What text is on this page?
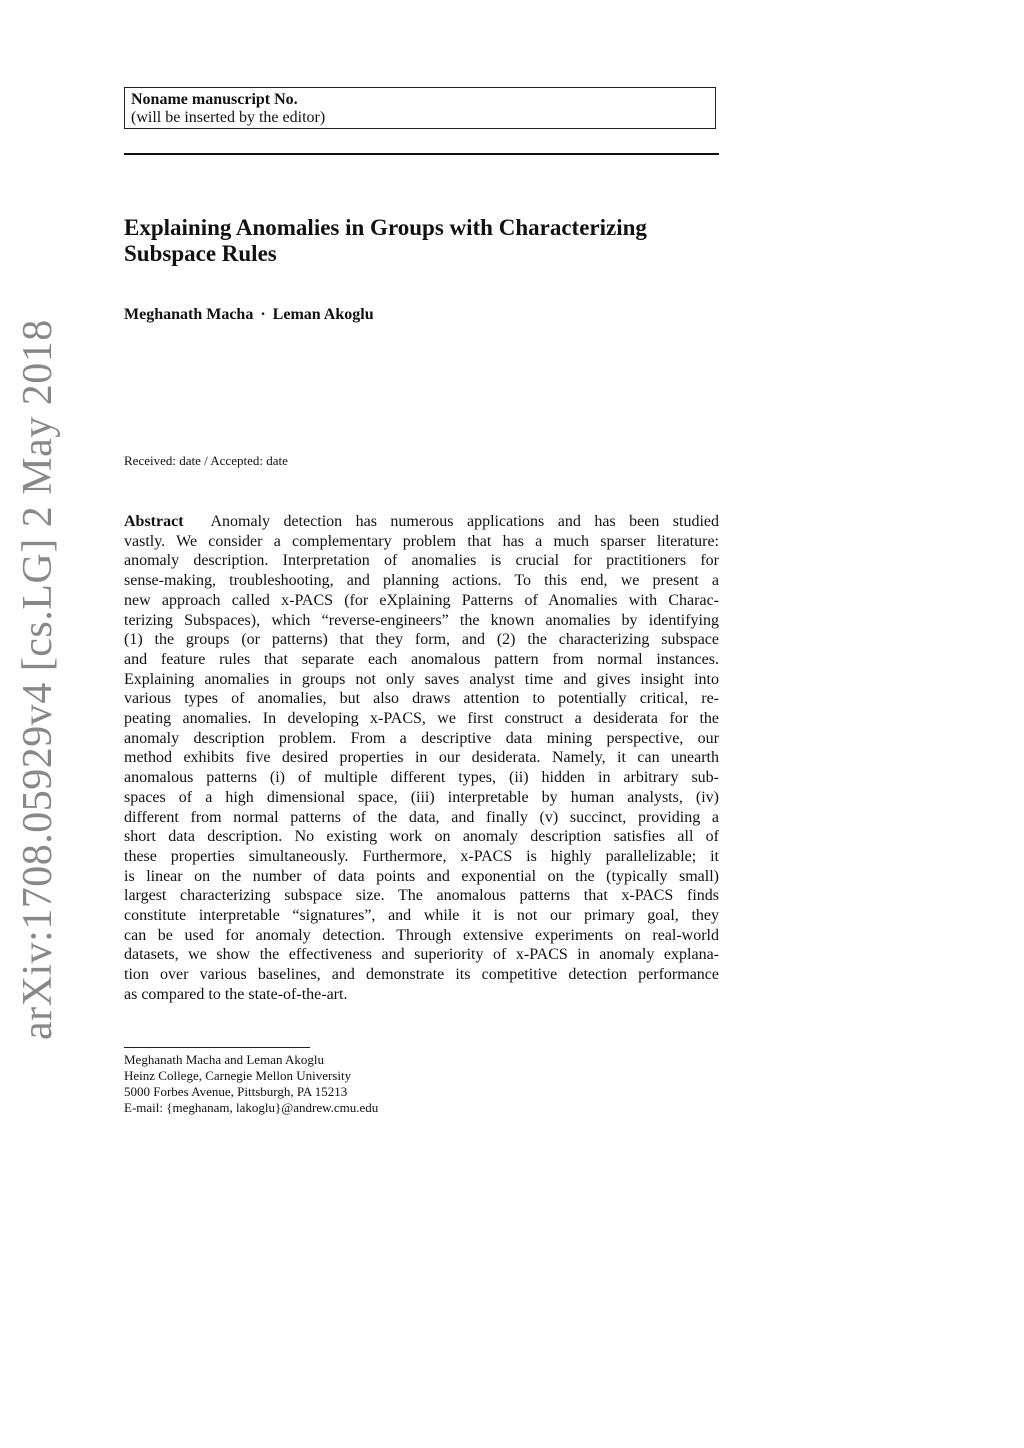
Noname manuscript No.
(will be inserted by the editor)
Explaining Anomalies in Groups with Characterizing
Subspace Rules
Meghanath Macha · Leman Akoglu
Received: date / Accepted: date
Abstract Anomaly detection has numerous applications and has been studied
vastly. We consider a complementary problem that has a much sparser literature:
anomaly description. Interpretation of anomalies is crucial for practitioners for
sense-making, troubleshooting, and planning actions. To this end, we present a
new approach called x-PACS (for eXplaining Patterns of Anomalies with Charac-
terizing Subspaces), which “reverse-engineers” the known anomalies by identifying
(1) the groups (or patterns) that they form, and (2) the characterizing subspace
and feature rules that separate each anomalous pattern from normal instances.
Explaining anomalies in groups not only saves analyst time and gives insight into
various types of anomalies, but also draws attention to potentially critical, re-
peating anomalies. In developing x-PACS, we first construct a desiderata for the
anomaly description problem. From a descriptive data mining perspective, our
method exhibits five desired properties in our desiderata. Namely, it can unearth
anomalous patterns (i) of multiple different types, (ii) hidden in arbitrary sub-
spaces of a high dimensional space, (iii) interpretable by human analysts, (iv)
different from normal patterns of the data, and finally (v) succinct, providing a
short data description. No existing work on anomaly description satisfies all of
these properties simultaneously. Furthermore, x-PACS is highly parallelizable; it
is linear on the number of data points and exponential on the (typically small)
largest characterizing subspace size. The anomalous patterns that x-PACS finds
constitute interpretable “signatures”, and while it is not our primary goal, they
can be used for anomaly detection. Through extensive experiments on real-world
datasets, we show the effectiveness and superiority of x-PACS in anomaly explana-
tion over various baselines, and demonstrate its competitive detection performance
as compared to the state-of-the-art.
Meghanath Macha and Leman Akoglu
Heinz College, Carnegie Mellon University
5000 Forbes Avenue, Pittsburgh, PA 15213
E-mail: {meghanam, lakoglu}@andrew.cmu.edu
arXiv:1708.05929v4 [cs.LG] 2 May 2018
